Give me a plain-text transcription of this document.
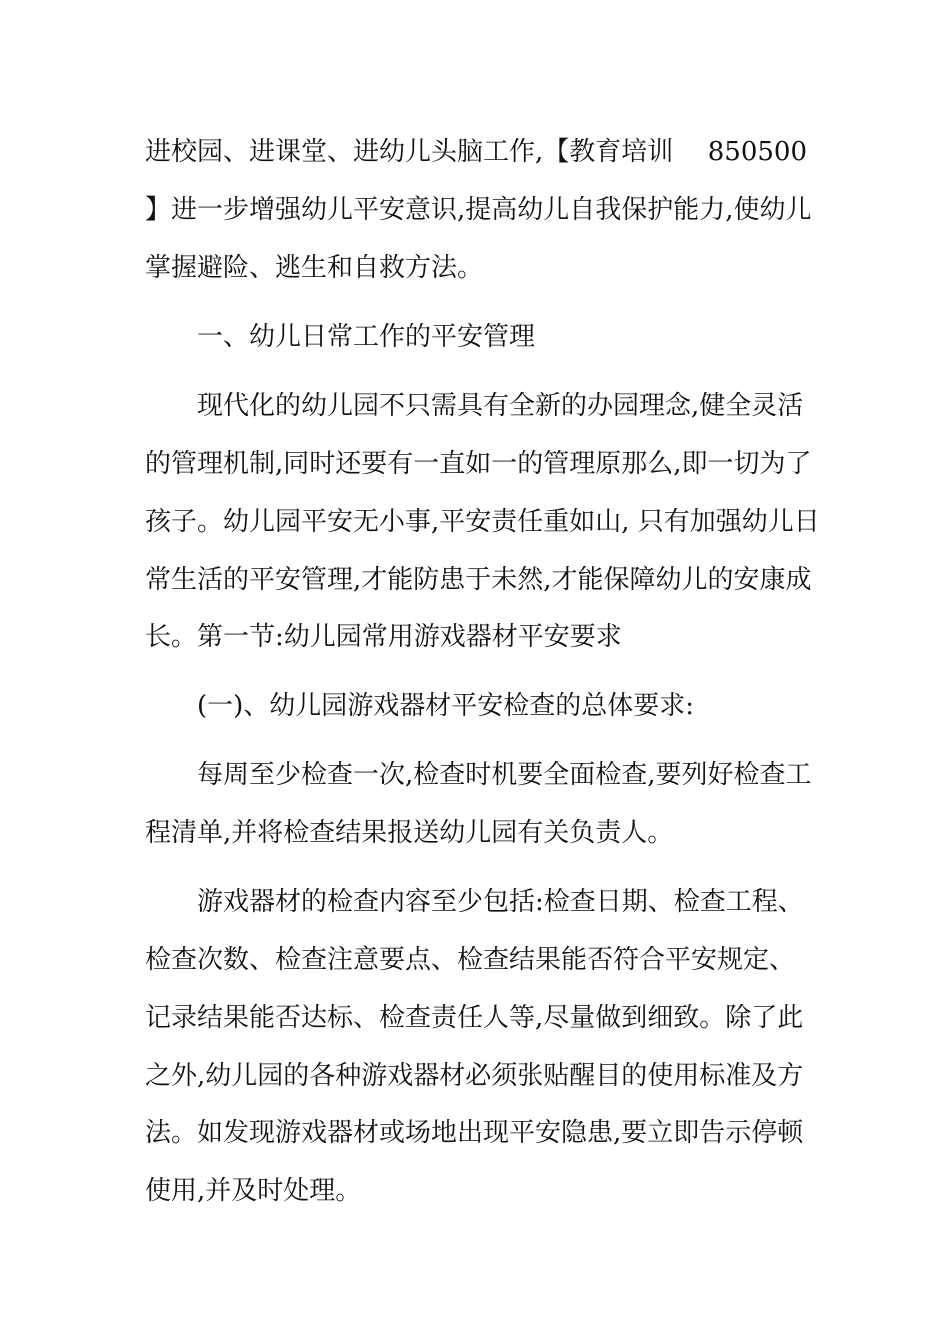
进校园、进课堂、进幼儿头脑工作,【教育培训 850500
】进一步增强幼儿平安意识,提高幼儿自我保护能力,使幼儿
掌握避险、逃生和自救方法。
一、幼儿日常工作的平安管理
现代化的幼儿园不只需具有全新的办园理念,健全灵活
的管理机制,同时还要有一直如一的管理原那么,即一切为了
孩子。幼儿园平安无小事,平安责任重如山, 只有加强幼儿日
常生活的平安管理,才能防患于未然,才能保障幼儿的安康成
长。第一节:幼儿园常用游戏器材平安要求
(一)、幼儿园游戏器材平安检查的总体要求:
每周至少检查一次,检查时机要全面检查,要列好检查工
程清单,并将检查结果报送幼儿园有关负责人。
游戏器材的检查内容至少包括:检查日期、检查工程、
检查次数、检查注意要点、检查结果能否符合平安规定、
记录结果能否达标、检查责任人等,尽量做到细致。除了此
之外,幼儿园的各种游戏器材必须张贴醒目的使用标准及方
法。如发现游戏器材或场地出现平安隐患,要立即告示停顿
使用,并及时处理。
